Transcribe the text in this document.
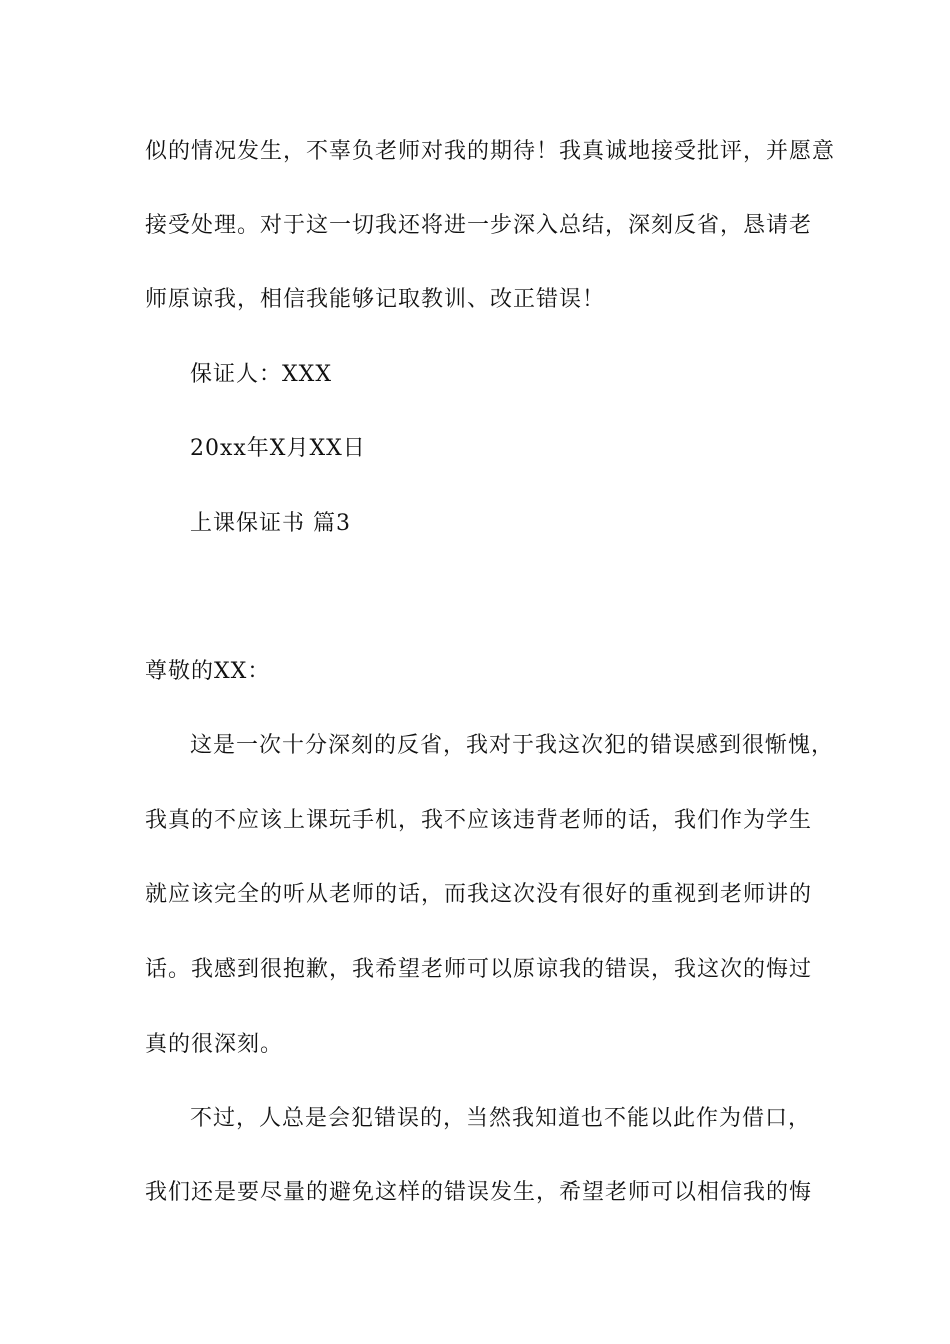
似的情况发生，不辜负老师对我的期待！我真诚地接受批评，并愿意
接受处理。对于这一切我还将进一步深入总结，深刻反省，恳请老
师原谅我，相信我能够记取教训、改正错误！
保证人：XXX
20xx年X月XX日
上课保证书 篇3
尊敬的XX：
这是一次十分深刻的反省，我对于我这次犯的错误感到很惭愧，
我真的不应该上课玩手机，我不应该违背老师的话，我们作为学生
就应该完全的听从老师的话，而我这次没有很好的重视到老师讲的
话。我感到很抱歉，我希望老师可以原谅我的错误，我这次的悔过
真的很深刻。
不过，人总是会犯错误的，当然我知道也不能以此作为借口，
我们还是要尽量的避免这样的错误发生，希望老师可以相信我的悔
